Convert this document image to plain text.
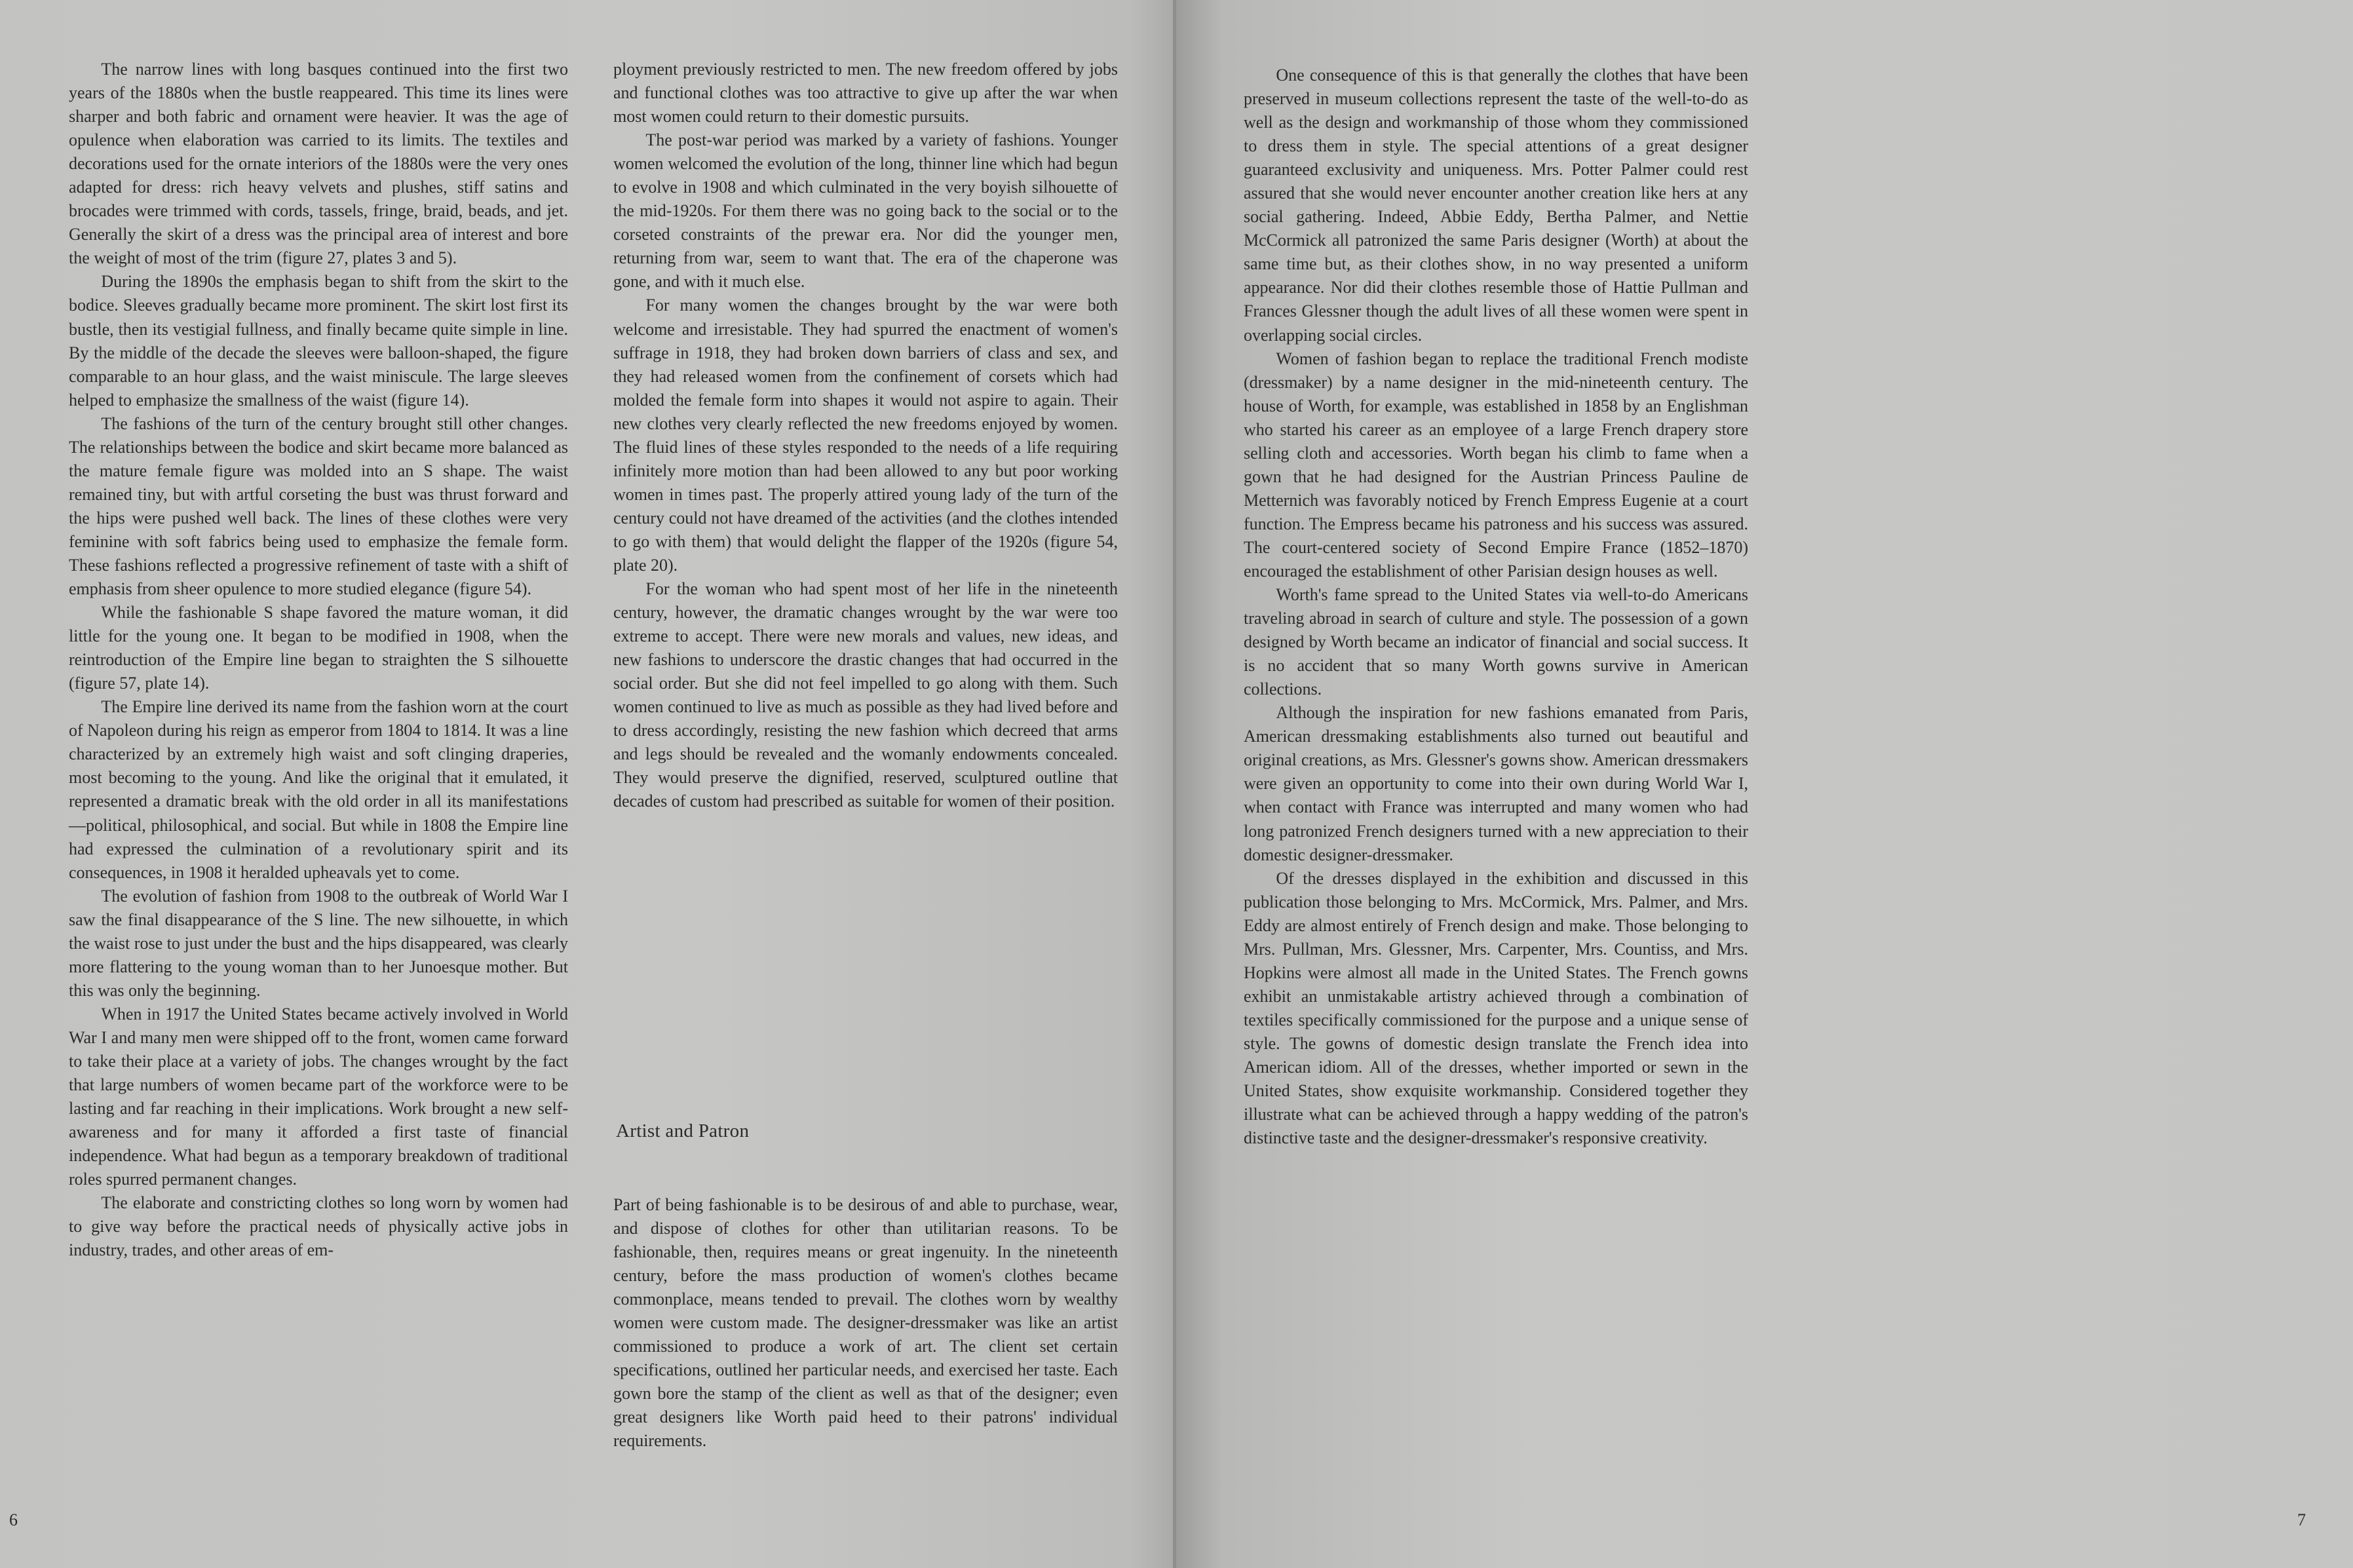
The narrow lines with long basques continued into the first two years of the 1880s when the bustle reappeared. This time its lines were sharper and both fabric and ornament were heavier. It was the age of opulence when elaboration was carried to its limits. The textiles and decorations used for the ornate interiors of the 1880s were the very ones adapted for dress: rich heavy velvets and plushes, stiff satins and brocades were trimmed with cords, tassels, fringe, braid, beads, and jet. Generally the skirt of a dress was the principal area of interest and bore the weight of most of the trim (figure 27, plates 3 and 5).

During the 1890s the emphasis began to shift from the skirt to the bodice. Sleeves gradually became more prominent. The skirt lost first its bustle, then its vestigial fullness, and finally became quite simple in line. By the middle of the decade the sleeves were balloon-shaped, the figure comparable to an hour glass, and the waist miniscule. The large sleeves helped to emphasize the smallness of the waist (figure 14).

The fashions of the turn of the century brought still other changes. The relationships between the bodice and skirt became more balanced as the mature female figure was molded into an S shape. The waist remained tiny, but with artful corseting the bust was thrust forward and the hips were pushed well back. The lines of these clothes were very feminine with soft fabrics being used to emphasize the female form. These fashions reflected a progressive refinement of taste with a shift of emphasis from sheer opulence to more studied elegance (figure 54).

While the fashionable S shape favored the mature woman, it did little for the young one. It began to be modified in 1908, when the reintroduction of the Empire line began to straighten the S silhouette (figure 57, plate 14).

The Empire line derived its name from the fashion worn at the court of Napoleon during his reign as emperor from 1804 to 1814. It was a line characterized by an extremely high waist and soft clinging draperies, most becoming to the young. And like the original that it emulated, it represented a dramatic break with the old order in all its manifestations—political, philosophical, and social. But while in 1808 the Empire line had expressed the culmination of a revolutionary spirit and its consequences, in 1908 it heralded upheavals yet to come.

The evolution of fashion from 1908 to the outbreak of World War I saw the final disappearance of the S line. The new silhouette, in which the waist rose to just under the bust and the hips disappeared, was clearly more flattering to the young woman than to her Junoesque mother. But this was only the beginning.

When in 1917 the United States became actively involved in World War I and many men were shipped off to the front, women came forward to take their place at a variety of jobs. The changes wrought by the fact that large numbers of women became part of the workforce were to be lasting and far reaching in their implications. Work brought a new self-awareness and for many it afforded a first taste of financial independence. What had begun as a temporary breakdown of traditional roles spurred permanent changes.

The elaborate and constricting clothes so long worn by women had to give way before the practical needs of physically active jobs in industry, trades, and other areas of em-

ployment previously restricted to men. The new freedom offered by jobs and functional clothes was too attractive to give up after the war when most women could return to their domestic pursuits.

The post-war period was marked by a variety of fashions. Younger women welcomed the evolution of the long, thinner line which had begun to evolve in 1908 and which culminated in the very boyish silhouette of the mid-1920s. For them there was no going back to the social or to the corseted constraints of the prewar era. Nor did the younger men, returning from war, seem to want that. The era of the chaperone was gone, and with it much else.

For many women the changes brought by the war were both welcome and irresistable. They had spurred the enactment of women's suffrage in 1918, they had broken down barriers of class and sex, and they had released women from the confinement of corsets which had molded the female form into shapes it would not aspire to again. Their new clothes very clearly reflected the new freedoms enjoyed by women. The fluid lines of these styles responded to the needs of a life requiring infinitely more motion than had been allowed to any but poor working women in times past. The properly attired young lady of the turn of the century could not have dreamed of the activities (and the clothes intended to go with them) that would delight the flapper of the 1920s (figure 54, plate 20).

For the woman who had spent most of her life in the nineteenth century, however, the dramatic changes wrought by the war were too extreme to accept. There were new morals and values, new ideas, and new fashions to underscore the drastic changes that had occurred in the social order. But she did not feel impelled to go along with them. Such women continued to live as much as possible as they had lived before and to dress accordingly, resisting the new fashion which decreed that arms and legs should be revealed and the womanly endowments concealed. They would preserve the dignified, reserved, sculptured outline that decades of custom had prescribed as suitable for women of their position.

Artist and Patron

Part of being fashionable is to be desirous of and able to purchase, wear, and dispose of clothes for other than utilitarian reasons. To be fashionable, then, requires means or great ingenuity. In the nineteenth century, before the mass production of women's clothes became commonplace, means tended to prevail. The clothes worn by wealthy women were custom made. The designer-dressmaker was like an artist commissioned to produce a work of art. The client set certain specifications, outlined her particular needs, and exercised her taste. Each gown bore the stamp of the client as well as that of the designer; even great designers like Worth paid heed to their patrons' individual requirements.

6	7

One consequence of this is that generally the clothes that have been preserved in museum collections represent the taste of the well-to-do as well as the design and workmanship of those whom they commissioned to dress them in style. The special attentions of a great designer guaranteed exclusivity and uniqueness. Mrs. Potter Palmer could rest assured that she would never encounter another creation like hers at any social gathering. Indeed, Abbie Eddy, Bertha Palmer, and Nettie McCormick all patronized the same Paris designer (Worth) at about the same time but, as their clothes show, in no way presented a uniform appearance. Nor did their clothes resemble those of Hattie Pullman and Frances Glessner though the adult lives of all these women were spent in overlapping social circles.

Women of fashion began to replace the traditional French modiste (dressmaker) by a name designer in the mid-nineteenth century. The house of Worth, for example, was established in 1858 by an Englishman who started his career as an employee of a large French drapery store selling cloth and accessories. Worth began his climb to fame when a gown that he had designed for the Austrian Princess Pauline de Metternich was favorably noticed by French Empress Eugenie at a court function. The Empress became his patroness and his success was assured. The court-centered society of Second Empire France (1852–1870) encouraged the establishment of other Parisian design houses as well.

Worth's fame spread to the United States via well-to-do Americans traveling abroad in search of culture and style. The possession of a gown designed by Worth became an indicator of financial and social success. It is no accident that so many Worth gowns survive in American collections.

Although the inspiration for new fashions emanated from Paris, American dressmaking establishments also turned out beautiful and original creations, as Mrs. Glessner's gowns show. American dressmakers were given an opportunity to come into their own during World War I, when contact with France was interrupted and many women who had long patronized French designers turned with a new appreciation to their domestic designer-dressmaker.

Of the dresses displayed in the exhibition and discussed in this publication those belonging to Mrs. McCormick, Mrs. Palmer, and Mrs. Eddy are almost entirely of French design and make. Those belonging to Mrs. Pullman, Mrs. Glessner, Mrs. Carpenter, Mrs. Countiss, and Mrs. Hopkins were almost all made in the United States. The French gowns exhibit an unmistakable artistry achieved through a combination of textiles specifically commissioned for the purpose and a unique sense of style. The gowns of domestic design translate the French idea into American idiom. All of the dresses, whether imported or sewn in the United States, show exquisite workmanship. Considered together they illustrate what can be achieved through a happy wedding of the patron's distinctive taste and the designer-dressmaker's responsive creativity.
